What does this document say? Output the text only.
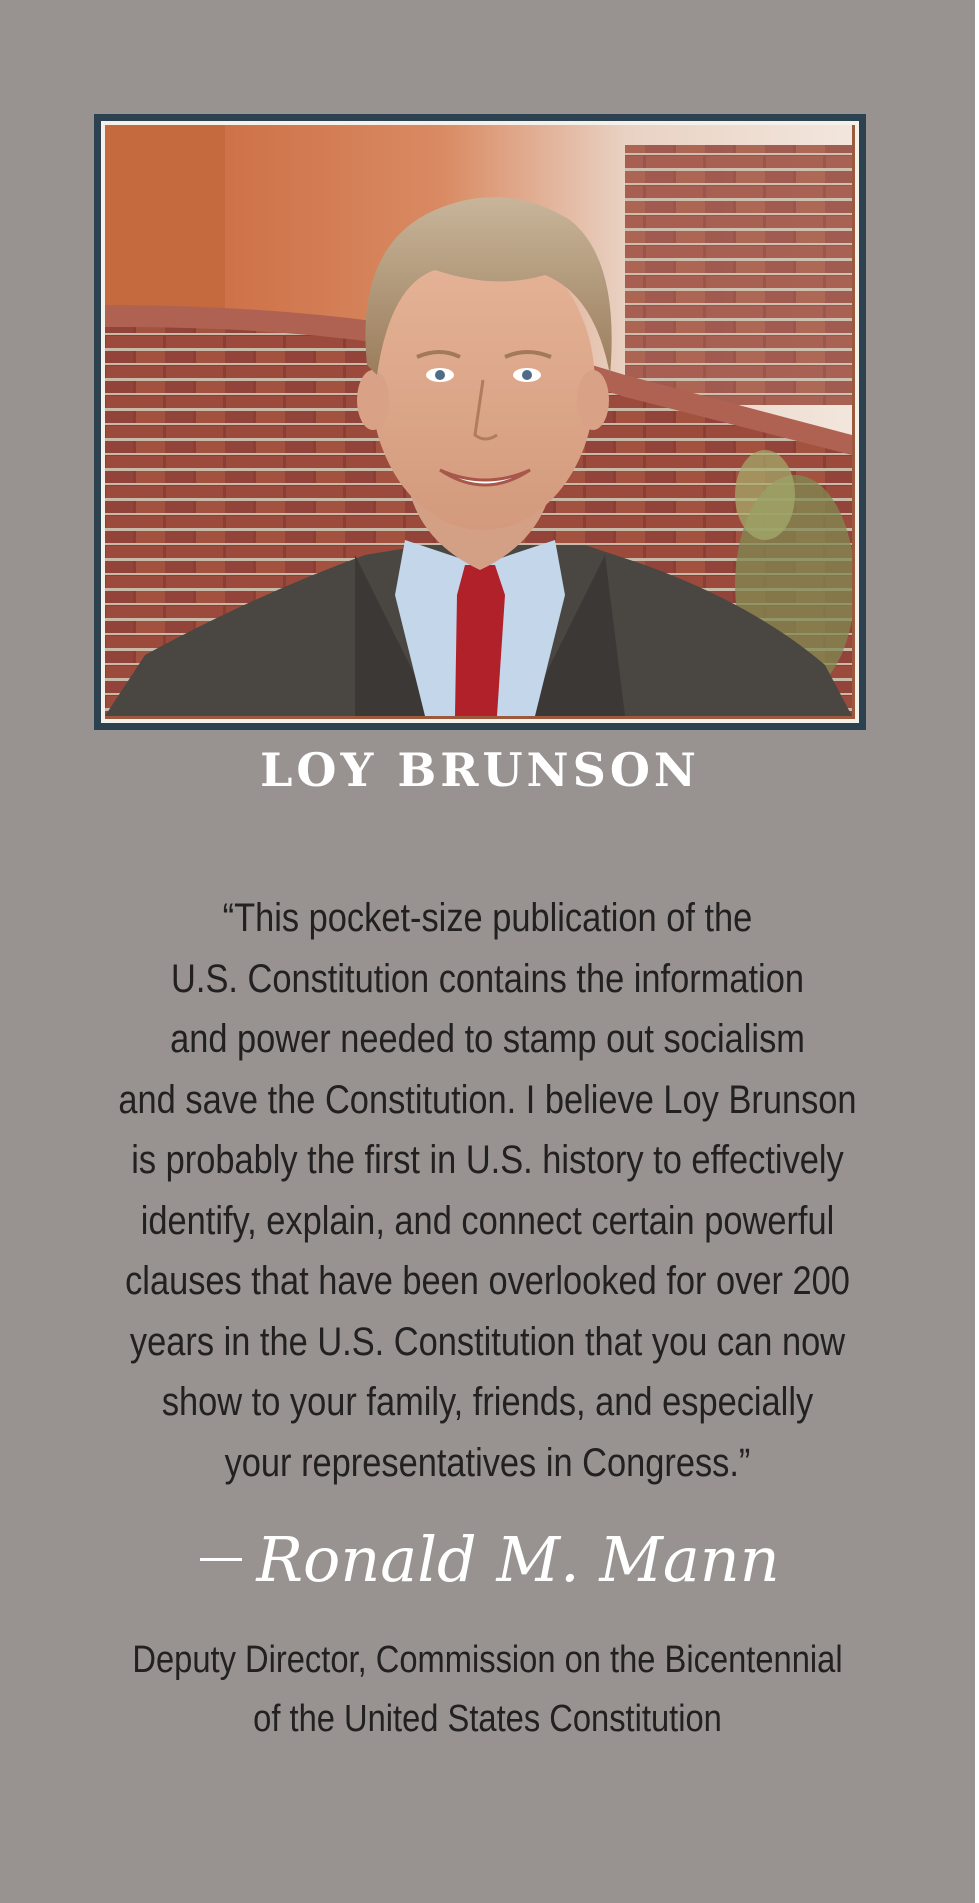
LOY BRUNSON

“This pocket-size publication of the
U.S. Constitution contains the information
and power needed to stamp out socialism
and save the Constitution. I believe Loy Brunson
is probably the first in U.S. history to effectively
identify, explain, and connect certain powerful
clauses that have been overlooked for over 200
years in the U.S. Constitution that you can now
show to your family, friends, and especially
your representatives in Congress.”

Ronald M. Mann

Deputy Director, Commission on the Bicentennial
of the United States Constitution
